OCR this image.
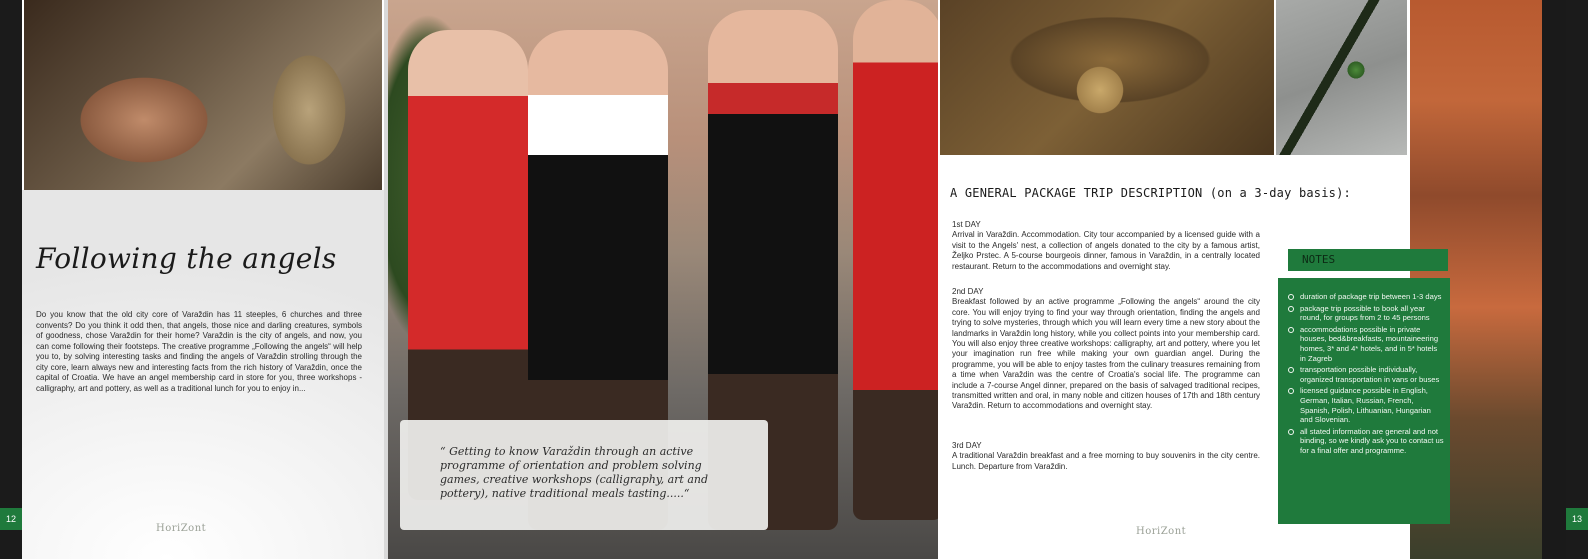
12
Following the angels
Do you know that the old city core of Varaždin has 11 steeples, 6 churches and three convents? Do you think it odd then, that angels, those nice and darling creatures, symbols of goodness, chose Varaždin for their home? Varaždin is the city of angels, and now, you can come following their footsteps. The creative programme „Following the angels“ will help you to, by solving interesting tasks and finding the angels of Varaždin strolling through the city core, learn always new and interesting facts from the rich history of Varaždin, once the capital of Croatia. We have an angel membership card in store for you, three workshops - calligraphy, art and pottery, as well as a traditional lunch for you to enjoy in...
HoriZont
“ Getting to know Varaždin through an active programme of orientation and problem solving games, creative workshops (calligraphy, art and pottery), native traditional meals tasting.....“
13
A GENERAL PACKAGE TRIP DESCRIPTION (on a 3-day basis):
1st DAY
Arrival in Varaždin. Accommodation. City tour accompanied by a licensed guide with a visit to the Angels' nest, a collection of angels donated to the city by a famous artist, Željko Prstec. A 5-course bourgeois dinner, famous in Varaždin, in a centrally located restaurant. Return to the accommodations and overnight stay.
2nd DAY
Breakfast followed by an active programme „Following the angels“ around the city core. You will enjoy trying to find your way through orientation, finding the angels and trying to solve mysteries, through which you will learn every time a new story about the landmarks in Varaždin long history, while you collect points into your membership card. You will also enjoy three creative workshops: calligraphy, art and pottery, where you let your imagination run free while making your own guardian angel. During the programme, you will be able to enjoy tastes from the culinary treasures remaining from a time when Varaždin was the centre of Croatia's social life. The programme can include a 7-course Angel dinner, prepared on the basis of salvaged traditional recipes, transmitted written and oral, in many noble and citizen houses of 17th and 18th century Varaždin. Return to accommodations and overnight stay.
3rd DAY
A traditional Varaždin breakfast and a free morning to buy souvenirs in the city centre. Lunch. Departure from Varaždin.
NOTES
duration of package trip between 1-3 days
package trip possible to book all year round, for groups from 2 to 45 persons
accommodations possible in private houses, bed&breakfasts, mountaineering homes, 3* and 4* hotels, and in 5* hotels in Zagreb
transportation possible individually, organized transportation in vans or buses
licensed guidance possible in English, German, Italian, Russian, French, Spanish, Polish, Lithuanian, Hungarian and Slovenian.
all stated information are general and not binding, so we kindly ask you to contact us for a final offer and programme.
HoriZont
